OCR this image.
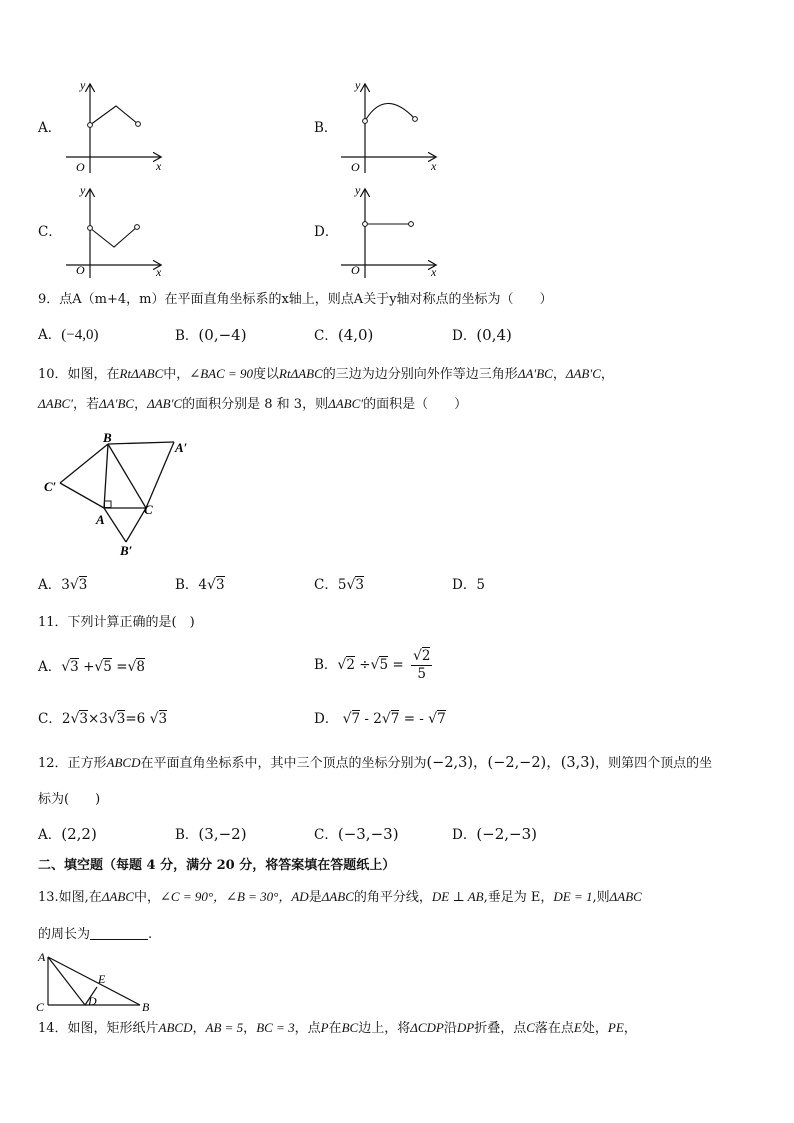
A．	B．
C．	D．
y
x
O
y
x
O
y
x
O
y
x
O
9．点A（m+4，m）在平面直角坐标系的x轴上，则点A关于y轴对称点的坐标为（　　）
A．(−4,0)	B．(0,−4)	C．(4,0)	D．(0,4)
10．如图，在RtΔABC中，∠BAC = 90度以RtΔABC的三边为边分别向外作等边三角形ΔA′BC，ΔAB′C，
ΔABC′，若ΔA′BC，ΔAB′C的面积分别是 8 和 3，则ΔABC′的面积是（　　）
B
A′
C′
A
C
B′
A．3√3	B．4√3	C．5√3	D．5
11．下列计算正确的是(　)
A．√3 +√5 =√8	B．$√2 \div√5 = \frac{√2}{5}$
C．2√3×3√3=6 √3	D． √7 - 2√7 = - √7
12．正方形ABCD在平面直角坐标系中，其中三个顶点的坐标分别为(−2,3)，(−2,−2)，(3,3)，则第四个顶点的坐
标为(　　)
A．(2,2)	B．(3,−2)	C．(−3,−3)	D．(−2,−3)
二、填空题（每题 4 分，满分 20 分，将答案填在答题纸上）
13.如图,在ΔABC中，∠C = 90°，∠B = 30°，AD是ΔABC的角平分线，DE ⊥ AB,垂足为 E，DE = 1,则ΔABC
的周长为	.
A
E
C	D	B
14．如图，矩形纸片ABCD，AB = 5，BC = 3，点P在BC边上，将ΔCDP沿DP折叠，点C落在点E处，PE，
